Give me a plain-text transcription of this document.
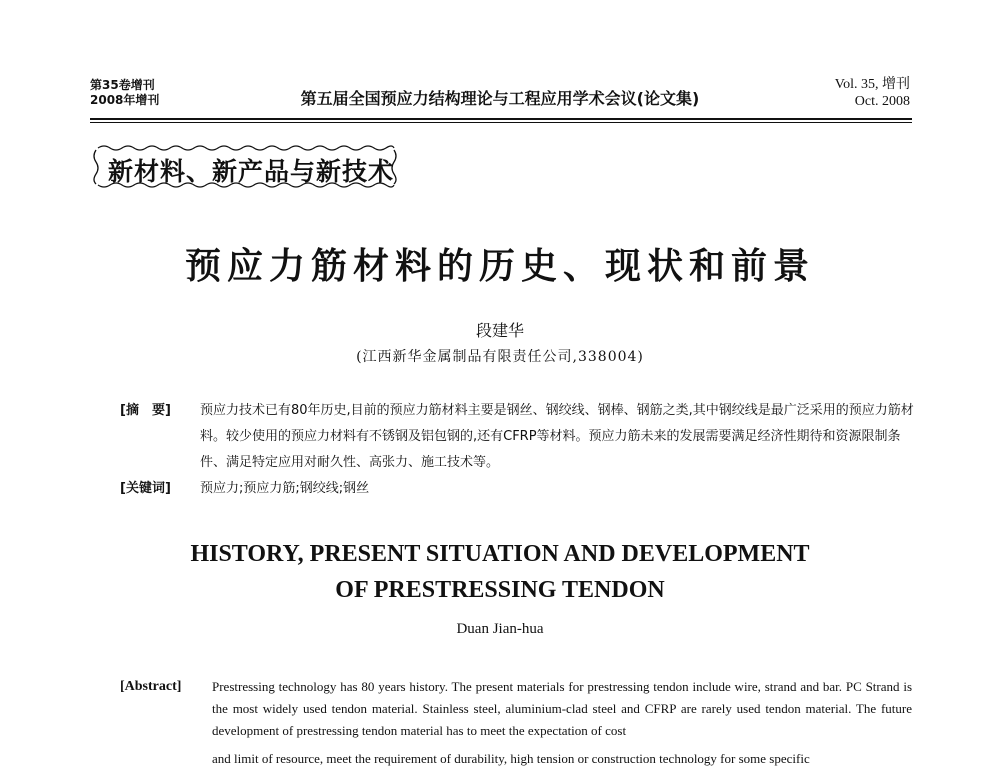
第35卷增刊
2008年增刊	第五届全国预应力结构理论与工程应用学术会议(论文集)
Vol. 35, 增刊
Oct. 2008
新材料、新产品与新技术
预应力筋材料的历史、现状和前景
段建华
(江西新华金属制品有限责任公司,338004)
[摘　要]	预应力技术已有80年历史,目前的预应力筋材料主要是钢丝、钢绞线、钢棒、钢筋之类,其中钢绞线是最广泛采用的预应力筋材料。较少使用的预应力材料有不锈钢及铝包钢的,还有CFRP等材料。预应力筋未来的发展需要满足经济性期待和资源限制条件、满足特定应用对耐久性、高张力、施工技术等。
[关键词]	预应力;预应力筋;钢绞线;钢丝
HISTORY, PRESENT SITUATION AND DEVELOPMENT
OF PRESTRESSING TENDON
Duan Jian-hua
[Abstract]	Prestressing technology has 80 years history. The present materials for prestressing tendon include wire, strand and bar. PC Strand is the most widely used tendon material. Stainless steel, aluminium-clad steel and CFRP are rarely used tendon material. The future development of prestressing tendon material has to meet the expectation of cost
and limit of resource, meet the requirement of durability, high tension or construction technology for some specific
